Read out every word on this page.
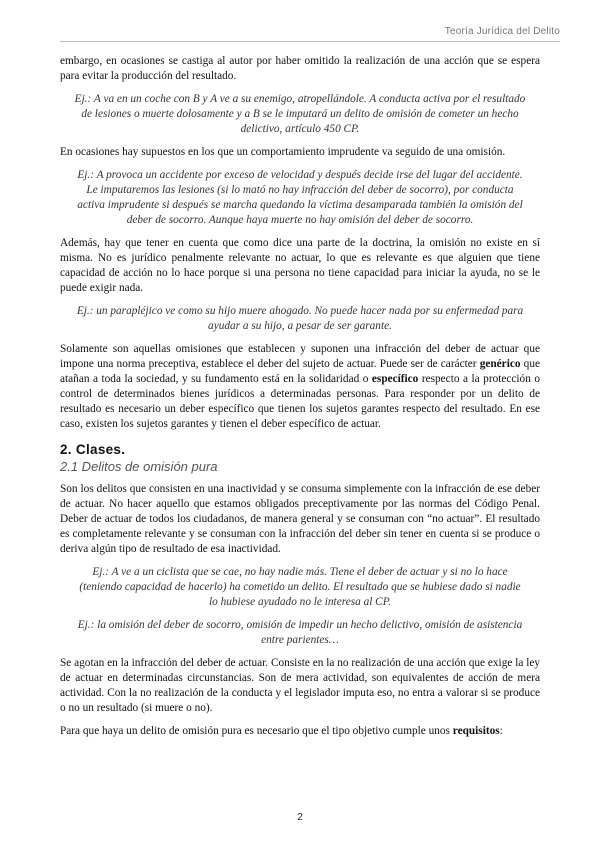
Teoría Jurídica del Delito

embargo, en ocasiones se castiga al autor por haber omitido la realización de una acción que se espera para evitar la producción del resultado.

Ej.: A va en un coche con B y A ve a su enemigo, atropellándole. A conducta activa por el resultado de lesiones o muerte dolosamente y a B se le imputará un delito de omisión de cometer un hecho delictivo, artículo 450 CP.

En ocasiones hay supuestos en los que un comportamiento imprudente va seguido de una omisión.

Ej.: A provoca un accidente por exceso de velocidad y después decide irse del lugar del accidente. Le imputaremos las lesiones (si lo mató no hay infracción del deber de socorro), por conducta activa imprudente si después se marcha quedando la víctima desamparada también la omisión del deber de socorro. Aunque haya muerte no hay omisión del deber de socorro.

Además, hay que tener en cuenta que como dice una parte de la doctrina, la omisión no existe en sí misma. No es jurídico penalmente relevante no actuar, lo que es relevante es que alguien que tiene capacidad de acción no lo hace porque si una persona no tiene capacidad para iniciar la ayuda, no se le puede exigir nada.

Ej.: un parapléjico ve como su hijo muere ahogado. No puede hacer nada por su enfermedad para ayudar a su hijo, a pesar de ser garante.

Solamente son aquellas omisiones que establecen y suponen una infracción del deber de actuar que impone una norma preceptiva, establece el deber del sujeto de actuar. Puede ser de carácter genérico que atañan a toda la sociedad, y su fundamento está en la solidaridad o específico respecto a la protección o control de determinados bienes jurídicos a determinadas personas. Para responder por un delito de resultado es necesario un deber específico que tienen los sujetos garantes respecto del resultado. En ese caso, existen los sujetos garantes y tienen el deber específico de actuar.

2. Clases.
2.1 Delitos de omisión pura

Son los delitos que consisten en una inactividad y se consuma simplemente con la infracción de ese deber de actuar. No hacer aquello que estamos obligados preceptivamente por las normas del Código Penal. Deber de actuar de todos los ciudadanos, de manera general y se consuman con “no actuar”. El resultado es completamente relevante y se consuman con la infracción del deber sin tener en cuenta si se produce o deriva algún tipo de resultado de esa inactividad.

Ej.: A ve a un ciclista que se cae, no hay nadie más. Tiene el deber de actuar y si no lo hace (teniendo capacidad de hacerlo) ha cometido un delito. El resultado que se hubiese dado si nadie lo hubiese ayudado no le interesa al CP.

Ej.: la omisión del deber de socorro, omisión de impedir un hecho delictivo, omisión de asistencia entre parientes…

Se agotan en la infracción del deber de actuar. Consiste en la no realización de una acción que exige la ley de actuar en determinadas circunstancias. Son de mera actividad, son equivalentes de acción de mera actividad. Con la no realización de la conducta y el legislador imputa eso, no entra a valorar si se produce o no un resultado (si muere o no).

Para que haya un delito de omisión pura es necesario que el tipo objetivo cumple unos requisitos:

2
